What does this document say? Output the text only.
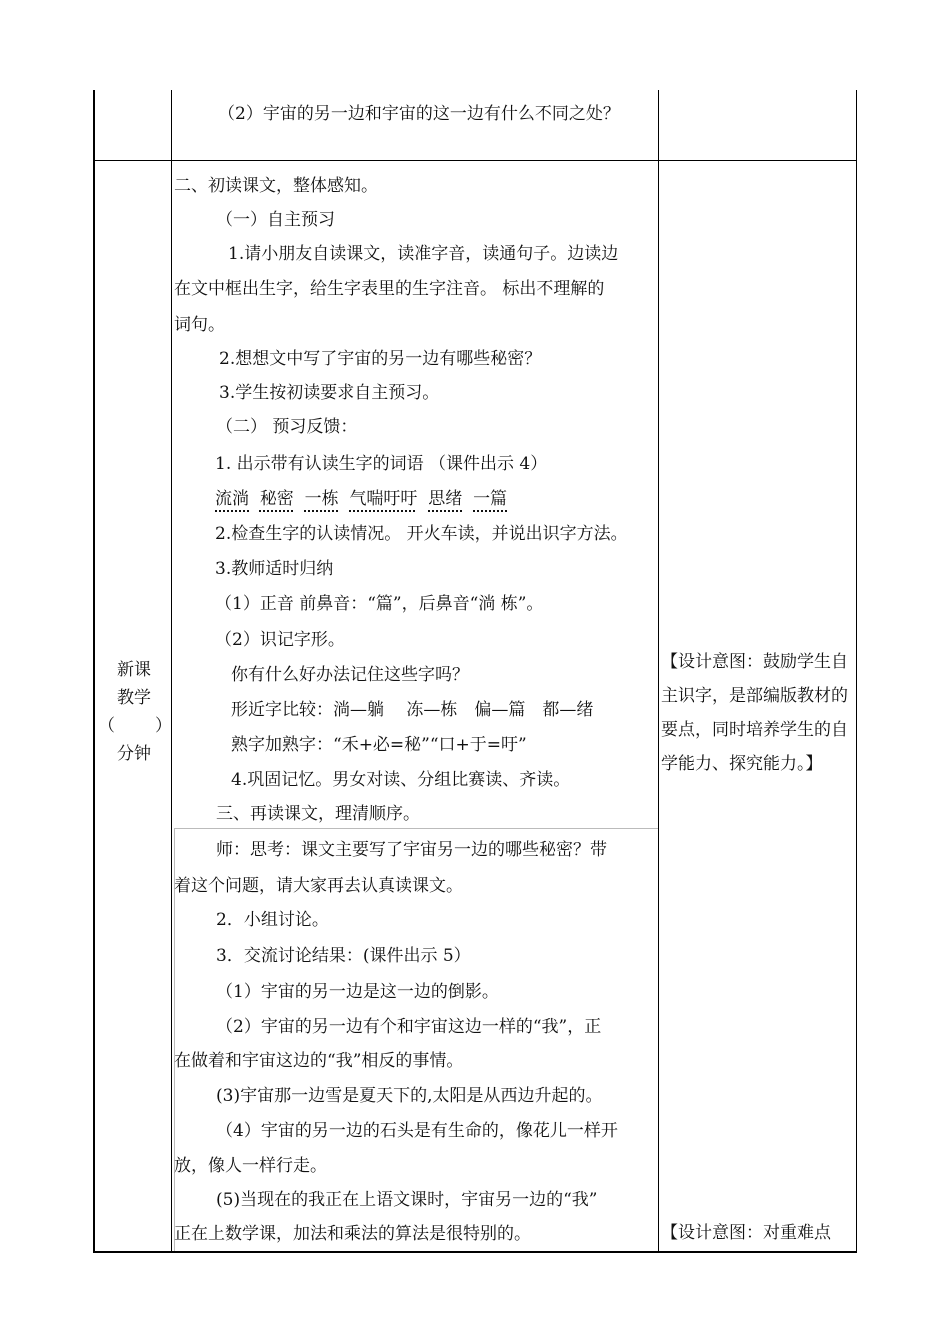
（2）宇宙的另一边和宇宙的这一边有什么不同之处？
新课
教学
（ ）
分钟
二、初读课文，整体感知。
（一）自主预习
1.请小朋友自读课文，读准字音，读通句子。边读边
在文中框出生字，给生字表里的生字注音。 标出不理解的
词句。
2.想想文中写了宇宙的另一边有哪些秘密？
3.学生按初读要求自主预习。
（二） 预习反馈：
1. 出示带有认读生字的词语 （课件出示 4）
流淌 秘密 一栋 气喘吁吁 思绪 一篇
2.检查生字的认读情况。 开火车读，并说出识字方法。
3.教师适时归纳
（1）正音 前鼻音：“篇”，后鼻音“淌 栋”。
（2）识记字形。
你有什么好办法记住这些字吗？
形近字比较：淌—躺　 冻—栋　偏—篇　都—绪
熟字加熟字：“禾+必=秘”“口+于=吁”
4.巩固记忆。男女对读、分组比赛读、齐读。
三、再读课文，理清顺序。
师：思考：课文主要写了宇宙另一边的哪些秘密？带
着这个问题，请大家再去认真读课文。
2．小组讨论。
3．交流讨论结果：(课件出示 5）
（1）宇宙的另一边是这一边的倒影。
（2）宇宙的另一边有个和宇宙这边一样的“我”，正
在做着和宇宙这边的“我”相反的事情。
(3)宇宙那一边雪是夏天下的,太阳是从西边升起的。
（4）宇宙的另一边的石头是有生命的，像花儿一样开
放，像人一样行走。
(5)当现在的我正在上语文课时，宇宙另一边的“我”
正在上数学课，加法和乘法的算法是很特别的。
【设计意图：鼓励学生自主识字，是部编版教材的要点，同时培养学生的自学能力、探究能力。】
【设计意图：对重难点
